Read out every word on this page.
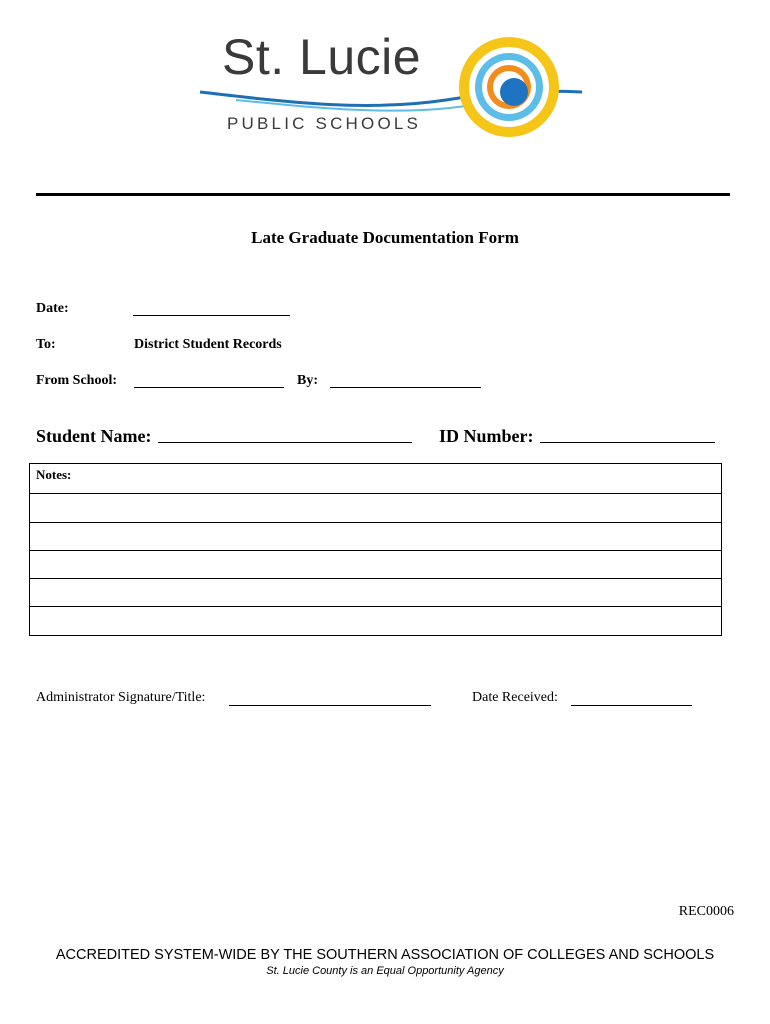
St. Lucie
PUBLIC SCHOOLS
Late Graduate Documentation Form
Date:
To:	District Student Records
From School:	By:
Student Name:	ID Number:
Notes:
Administrator Signature/Title:	Date Received:
REC0006
ACCREDITED SYSTEM-WIDE BY THE SOUTHERN ASSOCIATION OF COLLEGES AND SCHOOLS
St. Lucie County is an Equal Opportunity Agency
